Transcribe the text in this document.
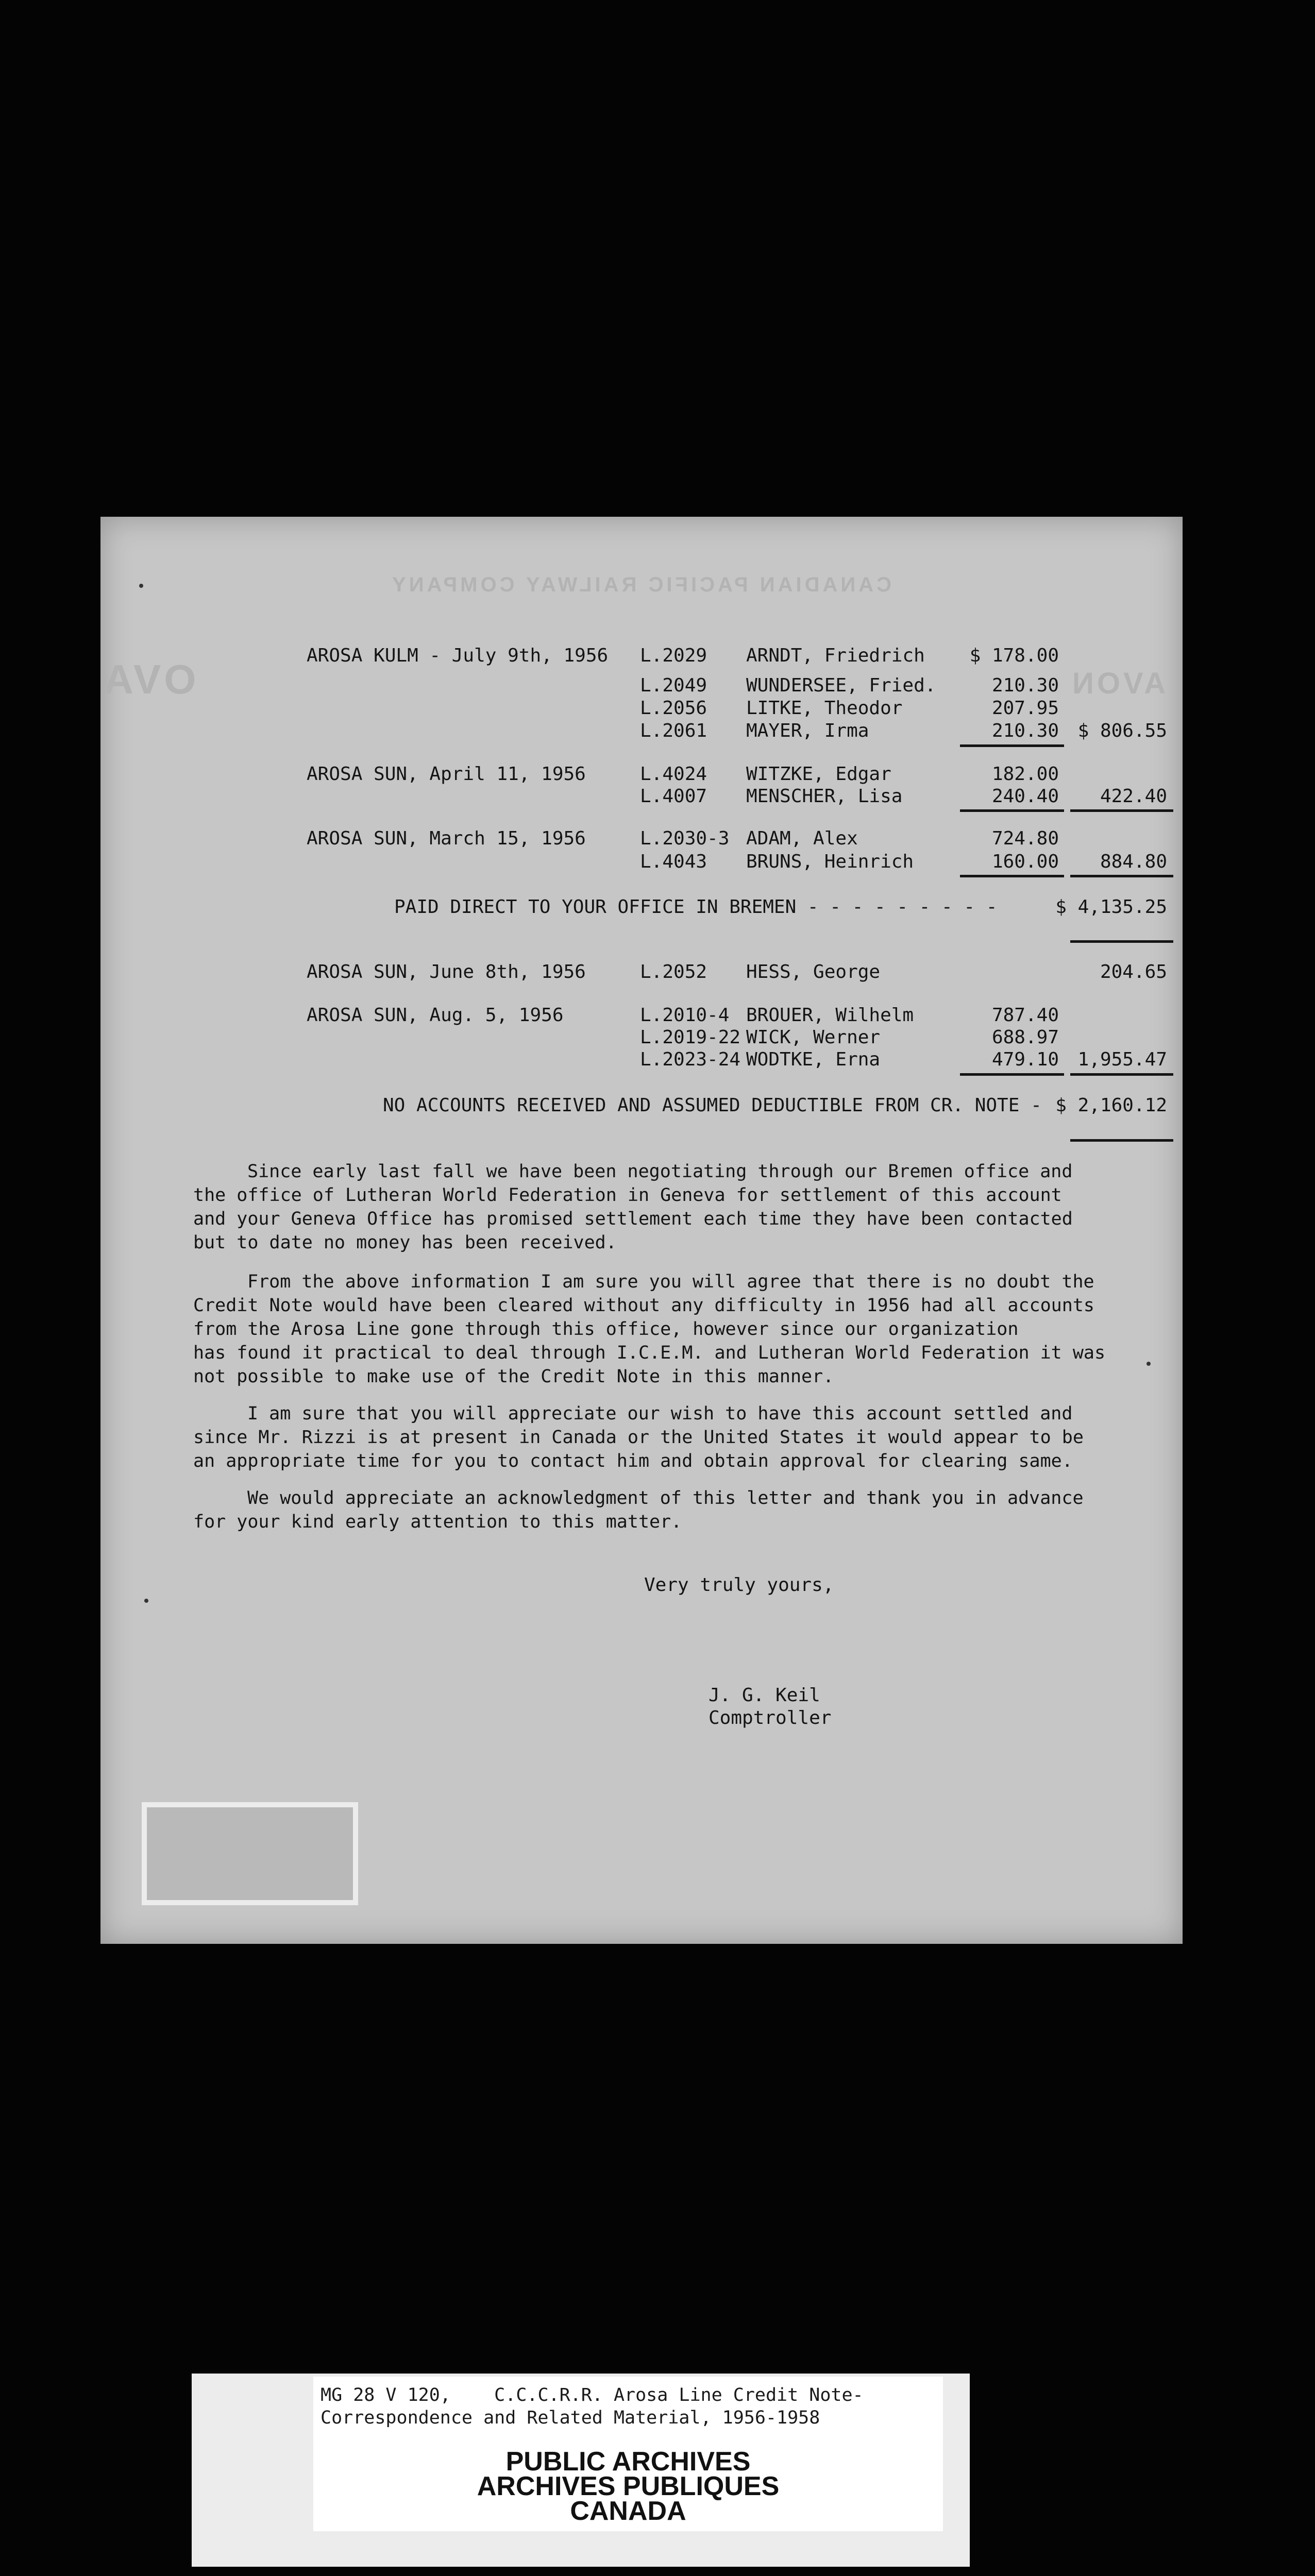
CANADIAN PACIFIC RAILWAY COMPANY
AVON
OVA
AROSA KULM - July 9th, 1956 L.2029 ARNDT, Friedrich	$ 178.00
L.2049 WUNDERSEE, Fried.	210.30
L.2056 LITKE, Theodor	207.95
L.2061 MAYER, Irma	210.30	$ 806.55
AROSA SUN, April 11, 1956	L.4024 WITZKE, Edgar	182.00
L.4007 MENSCHER, Lisa	240.40	422.40
AROSA SUN, March 15, 1956	L.2030-3 ADAM, Alex	724.80
L.4043 BRUNS, Heinrich	160.00	884.80
PAID DIRECT TO YOUR OFFICE IN BREMEN - - - - - - - - -	$ 4,135.25
AROSA SUN, June 8th, 1956	L.2052 HESS, George	204.65
AROSA SUN, Aug. 5, 1956	L.2010-4 BROUER, Wilhelm	787.40
L.2019-22 WICK, Werner	688.97
L.2023-24 WODTKE, Erna	479.10	1,955.47
NO ACCOUNTS RECEIVED AND ASSUMED DEDUCTIBLE FROM CR. NOTE - $ 2,160.12
Since early last fall we have been negotiating through our Bremen office and
the office of Lutheran World Federation in Geneva for settlement of this account
and your Geneva Office has promised settlement each time they have been contacted
but to date no money has been received.
From the above information I am sure you will agree that there is no doubt the
Credit Note would have been cleared without any difficulty in 1956 had all accounts
from the Arosa Line gone through this office, however since our organization
has found it practical to deal through I.C.E.M. and Lutheran World Federation it was
not possible to make use of the Credit Note in this manner.
I am sure that you will appreciate our wish to have this account settled and
since Mr. Rizzi is at present in Canada or the United States it would appear to be
an appropriate time for you to contact him and obtain approval for clearing same.
We would appreciate an acknowledgment of this letter and thank you in advance
for your kind early attention to this matter.
Very truly yours,
J. G. Keil
Comptroller
MG 28 V 120, C.C.C.R.R. Arosa Line Credit Note-
Correspondence and Related Material, 1956-1958
PUBLIC ARCHIVES
ARCHIVES PUBLIQUES
CANADA
